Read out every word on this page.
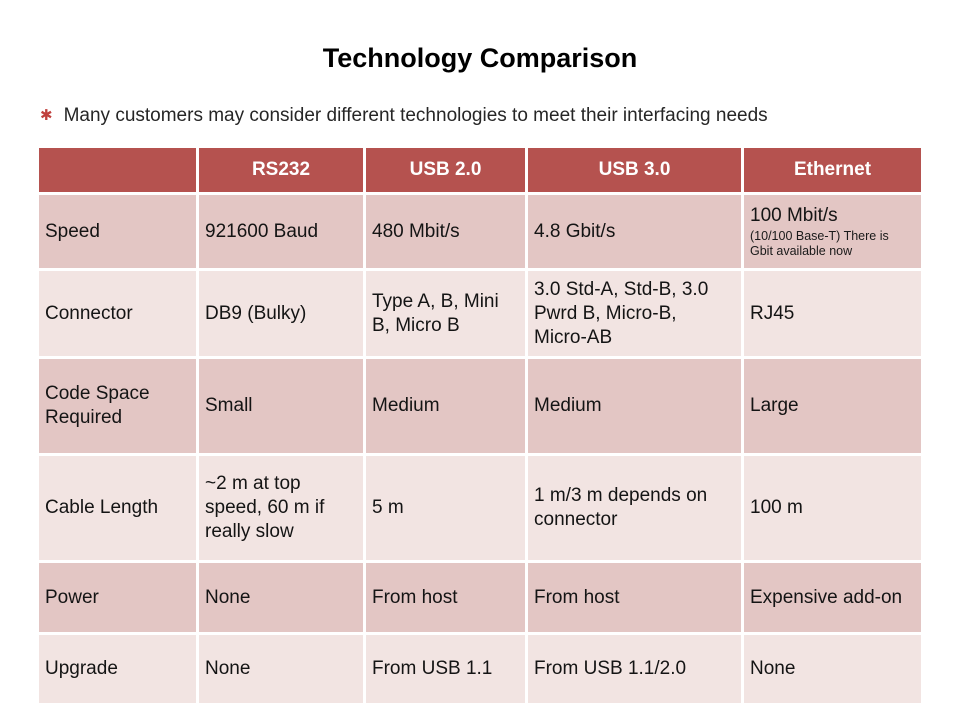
Technology Comparison
✱ Many customers may consider different technologies to meet their interfacing needs
	RS232	USB 2.0	USB 3.0	Ethernet
Speed	921600 Baud	480 Mbit/s	4.8 Gbit/s	100 Mbit/s
(10/100 Base-T) There is Gbit available now

Connector	DB9 (Bulky)	Type A, B, Mini B, Micro B	3.0 Std-A, Std-B, 3.0 Pwrd B, Micro-B, Micro-AB	RJ45

Code Space Required	Small	Medium	Medium	Large

Cable Length	~2 m at top speed, 60 m if really slow	5 m	1 m/3 m depends on connector	100 m

Power	None	From host	From host	Expensive add-on

Upgrade	None	From USB 1.1	From USB 1.1/2.0	None
